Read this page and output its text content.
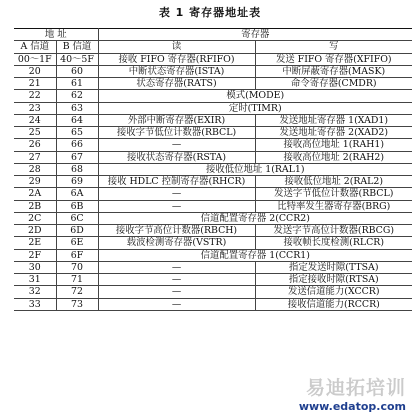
表 1 寄存器地址表
地 址		寄存器	
A 信道	B 信道	读	写
00～1F	40～5F	接收 FIFO 寄存器(RFIFO)	发送 FIFO 寄存器(XFIFO)
20	60	中断状态寄存器(ISTA)	中断屏蔽寄存器(MASK)
21	61	状态寄存器(RATS)	命令寄存器(CMDR)
22	62	模式(MODE)	
23	63	定时(TIMR)	
24	64	外部中断寄存器(EXIR)	发送地址寄存器 1(XAD1)
25	65	接收字节低位计数器(RBCL)	发送地址寄存器 2(XAD2)
26	66	—	接收高位地址 1(RAH1)
27	67	接收状态寄存器(RSTA)	接收高位地址 2(RAH2)
28	68	接收低位地址 1(RAL1)	
29	69	接收 HDLC 控制寄存器(RHCR)	接收低位地址 2(RAL2)
2A	6A	—	发送字节低位计数器(RBCL)
2B	6B	—	比特率发生器寄存器(BRG)
2C	6C	信道配置寄存器 2(CCR2)	
2D	6D	接收字节高位计数器(RBCH)	发送字节高位计数器(RBCG)
2E	6E	载波检测寄存器(VSTR)	接收帧长度检测(RLCR)
2F	6F	信道配置寄存器 1(CCR1)	
30	70	—	指定发送时隙(TTSA)
31	71	—	指定接收时隙(RTSA)
32	72	—	发送信道能力(XCCR)
33	73	—	接收信道能力(RCCR)
易迪拓培训
www.edatop.com
